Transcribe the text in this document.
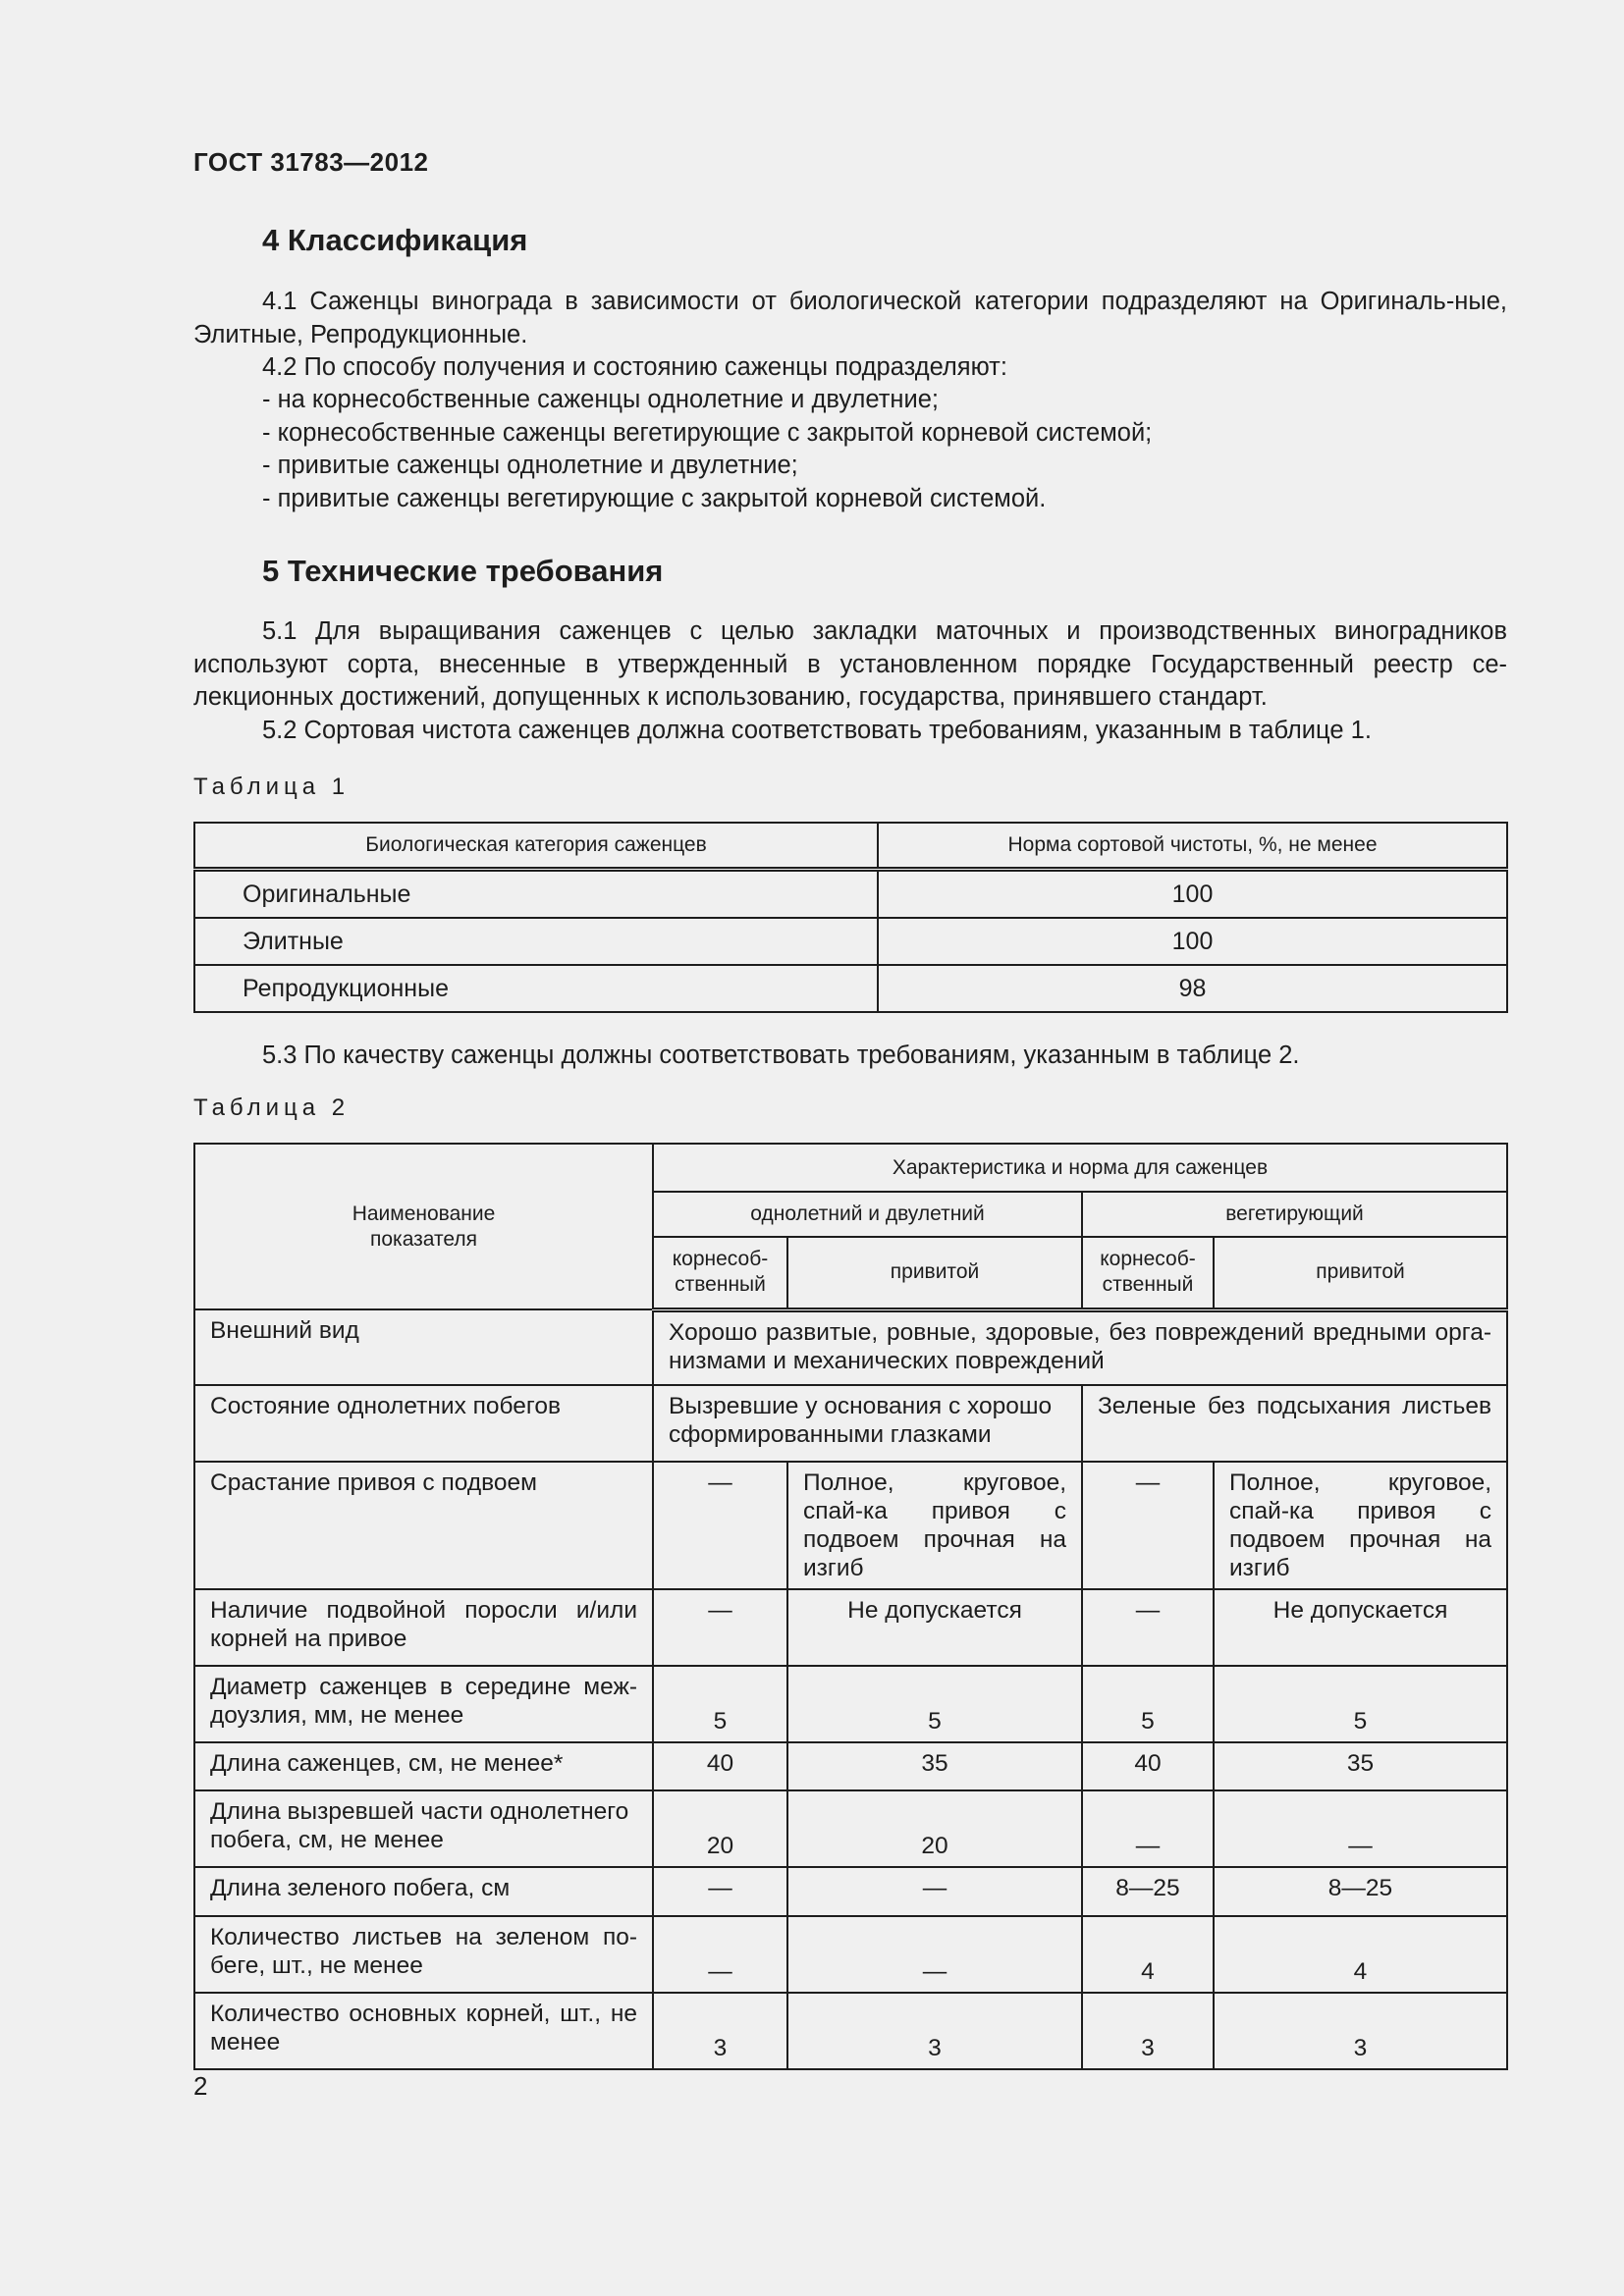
ГОСТ 31783—2012
4 Классификация

4.1 Саженцы винограда в зависимости от биологической категории подразделяют на Оригиналь-ные, Элитные, Репродукционные.

4.2 По способу получения и состоянию саженцы подразделяют:

- на корнесобственные саженцы однолетние и двулетние;

- корнесобственные саженцы вегетирующие с закрытой корневой системой;

- привитые саженцы однолетние и двулетние;

- привитые саженцы вегетирующие с закрытой корневой системой.

5 Технические требования

5.1 Для выращивания саженцев с целью закладки маточных и производственных виноградников используют сорта, внесенные в утвержденный в установленном порядке Государственный реестр се-лекционных достижений, допущенных к использованию, государства, принявшего стандарт.

5.2 Сортовая чистота саженцев должна соответствовать требованиям, указанным в таблице 1.

Таблица 1
Биологическая категория саженцев	Норма сортовой чистоты, %, не менее
Оригинальные	100
Элитные	100
Репродукционные	98

5.3 По качеству саженцы должны соответствовать требованиям, указанным в таблице 2.

Таблица 2
Наименование показателя	Характеристика и норма для саженцев			
	однолетний и двулетний		вегетирующий	
	корнесоб-ственный	привитой	корнесоб-ственный	привитой
Внешний вид	Хорошо развитые, ровные, здоровые, без повреждений вредными орга-низмами и механических повреждений			
Состояние однолетних побегов	Вызревшие у основания с хорошо сформированными глазками		Зеленые без подсыхания листьев	
Срастание привоя с подвоем	—	Полное, круговое, спай-ка привоя с подвоем прочная на изгиб	—	Полное, круговое, спай-ка привоя с подвоем прочная на изгиб
Наличие подвойной поросли и/или корней на привое	—	Не допускается	—	Не допускается
Диаметр саженцев в середине меж-доузлия, мм, не менее	5	5	5	5
Длина саженцев, см, не менее*	40	35	40	35
Длина вызревшей части однолетнего побега, см, не менее	20	20	—	—
Длина зеленого побега, см	—	—	8—25	8—25
Количество листьев на зеленом по-беге, шт., не менее	—	—	4	4
Количество основных корней, шт., не менее	3	3	3	3
2
